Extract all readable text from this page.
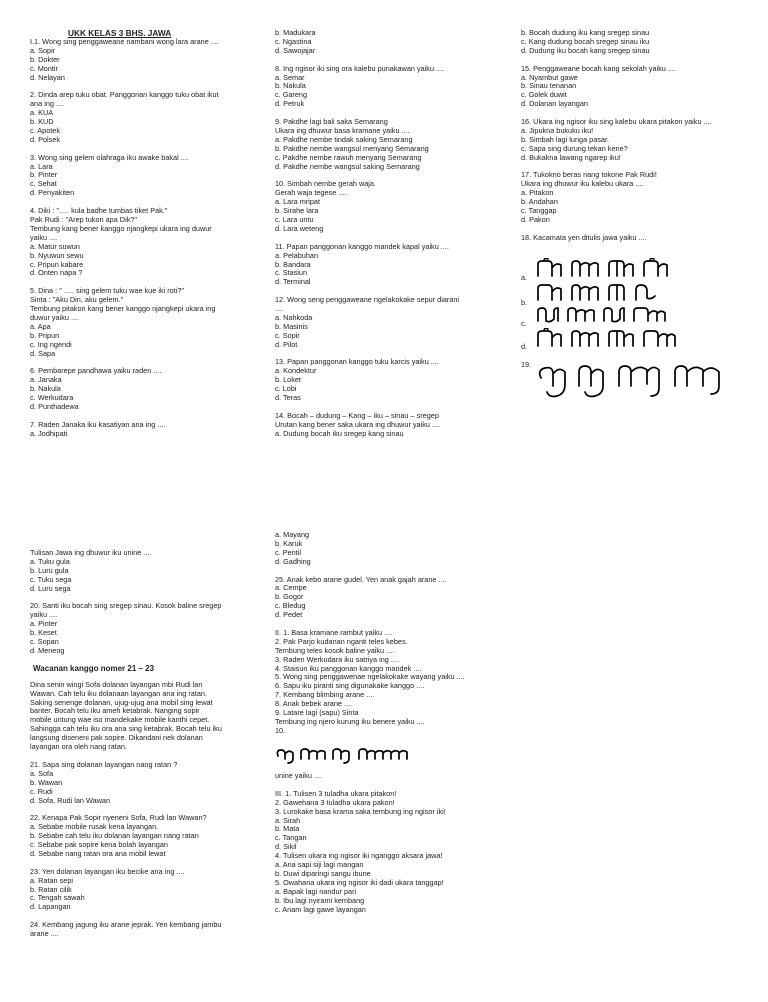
UKK KELAS 3 BHS. JAWA
I.1. Wong sing penggaweane nambani wong lara arane ....
a. Sopir
b. Dokter
c. Montir
d. Nelayan
2. Dinda arep tuku obat. Panggonan kanggo tuku obat ikut
ana ing ....
a. KUA
b. KUD
c. Apotek
d. Polsek
3. Wong sing gelem olahraga iku awake bakal ....
a. Lara
b. Pinter
c. Sehat
d. Penyakiten
4. Diki : "..... kula badhe tumbas tiket Pak."
Pak Rudi : "Arep tukon apa Dik?"
Tembung kang bener kanggo njangkepi ukara ing duwur
yaiku ....
a. Matur suwun
b. Nyuwun sewu
c. Pripun kabare
d. Onten napa ?
5. Dina : " ..... sing gelem tuku wae kue iki roti?"
Sinta : "Aku Din, aku gelem."
Tembung pitakon kang bener kanggo njangkepi ukara ing
duwur yaiku ....
a. Apa
b. Pripun
c. Ing ngendi
d. Sapa
6. Pembarepe pandhawa yaiku raden ....
a. Janaka
b. Nakula
c. Werkudara
d. Punthadewa
7. Raden Janaka iku kasatiyan ana ing ....
a. Jodhipati
b. Madukara
c. Ngastina
d. Sawojajar
8. Ing ngisor iki sing ora kalebu punakawan yaiku ....
a. Semar
b. Nakula
c. Gareng
d. Petruk
9. Pakdhe lagi bali saka Semarang
Ukara ing dhuwur basa kramane yaiku ....
a. Pakdhe nembe tindak saking Semarang
b. Pakdhe nembe wangsul menyang Semarang
c. Pakdhe nembe rawuh menyang Semarang
d. Pakdhe nembe wangsul saking Semarang
10. Simbah nembe gerah waja.
Gerah waja tegese ....
a. Lara mripat
b. Sirahe lara
c. Lara untu
d. Lara weteng
11. Papan panggonan kanggo mandek kapal yaiku ....
a. Pelabuhan
b. Bandara
c. Stasiun
d. Terminal
12. Wong seng penggaweane ngelakokake sepur diarani
....
a. Nahkoda
b. Masinis
c. Sopir
d. Pilot
13. Papan panggonan kanggo tuku karcis yaiku ....
a. Kondektur
b. Loket
c. Lobi
d. Teras
14. Bocah – dudung – Kang – iku – sinau – sregep
Urutan kang bener saka ukara ing dhuwur yaiku ....
a. Dudung bocah iku sregep kang sinau
b. Bocah dudung iku kang sregep sinau
c. Kang dudung bocah sregep sinau iku
d. Dudung iku bocah kang sregep sinau
15. Penggaweane bocah kang sekolah yaiku ....
a. Nyambut gawe
b. Sinau tenanan
c. Golek duwit
d. Dolanan layangan
16. Ukara ing ngisor iku sing kalebu ukara pitakon yaiku ....
a. Jipukna bukuku iku!
b. Simbah lagi lunga pasar.
c. Sapa sing durung tekan kene?
d. Bukakna lawang ngarep iku!
17. Tukokno beras nang tokone Pak Rudi!
Ukara ing dhuwur iku kalebu ukara ....
a. Pitakon
b. Andahan
c. Tanggap
d. Pakon
18. Kacamata yen ditulis jawa yaiku ....
a.
b.
c.
d.
19.
Tulisan Jawa ing dhuwur iku unine ....
a. Tuku gula
b. Luru gula
c. Tuku sega
d. Luru sega
20. Santi iku bocah sing sregep sinau. Kosok baline sregep
yaiku ....
a. Pinter
b. Keset
c. Sopan
d. Meneng
Wacanan kanggo nomer 21 – 23
Dina senin wingi Sofa dolanan layangan mbi Rudi lan
Wawan. Cah telu iku dolanaan layangan ana ing ratan.
Saking senenge dolanan, ujug-ujug ana mobil sing lewat
banter. Bocah telu iku ameh ketabrak. Nanging sopir
mobile untung wae iso mandekake mobile kanthi cepet.
Sahingga cah telu iku ora ana sing ketabrak. Bocah telu iku
langsung diseneni pak sopire. Dikandani nek dolanan
layangan ora oleh nang ratan.
21. Sapa sing dolanan layangan nang ratan ?
a. Sofa
b. Wawan
c. Rudi
d. Sofa, Rudi lan Wawan
22. Kenapa Pak Sopir nyeneni Sofa, Rudi lan Wawan?
a. Sebabe mobile rusak kena layangan.
b. Sebabe cah telu iku dolanan layangan nang ratan
c. Sebabe pak sopire kena bolah layangan
d. Sebabe nang ratan ora ana mobil lewat
23. Yen dolanan layangan iku becike ana ing ....
a. Ratan sepi
b. Ratan cilik
c. Tengah sawah
d. Lapangan
24. Kembang jagung iku arane jeprak. Yen kembang jambu
arane ....
a. Mayang
b. Karuk
c. Pentil
d. Gadhing
25. Anak kebo arane gudel. Yen anak gajah arane ....
a. Cempe
b. Gogor
c. Bledug
d. Pedet
II. 1. Basa kramane rambut yaiku ....
2. Pak Parjo kudanan nganti teles kebes.
Tembung teles kosok baline yaiku ....
3. Raden Werkudara iku satriya ing ....
4. Staisun iku panggonan kanggo mandek ....
5. Wong sing penggawenae ngelakokake wayang yaiku ....
6. Sapu iku piranti sing digunakake kanggo ....
7. Kembang blimbing arane ....
8. Anak bebek arane ....
9. Latare lagi (sapu) Sinta
Tembung ing njero kurung iku benere yaiku ....
10.
unine yaiku ....
III. 1. Tulisen 3 tuladha ukara pitakon!
2. Gawehana 3 tuladha ukara pakon!
3. Lurokake basa krama saka tembung ing ngisor iki!
a. Sirah
b. Mata
c. Tangan
d. Sikil
4. Tulisen ukara ing ngisor iki nganggo aksara jawa!
a. Ana sapi siji lagi mangan
b. Duwi diparingi sangu ibune
5. Owahana ukara ing ngisor iki dadi ukara tanggap!
a. Bapak lagi nandur pari
b. Ibu lagi nyirami kembang
c. Anam lagi gawe layangan
